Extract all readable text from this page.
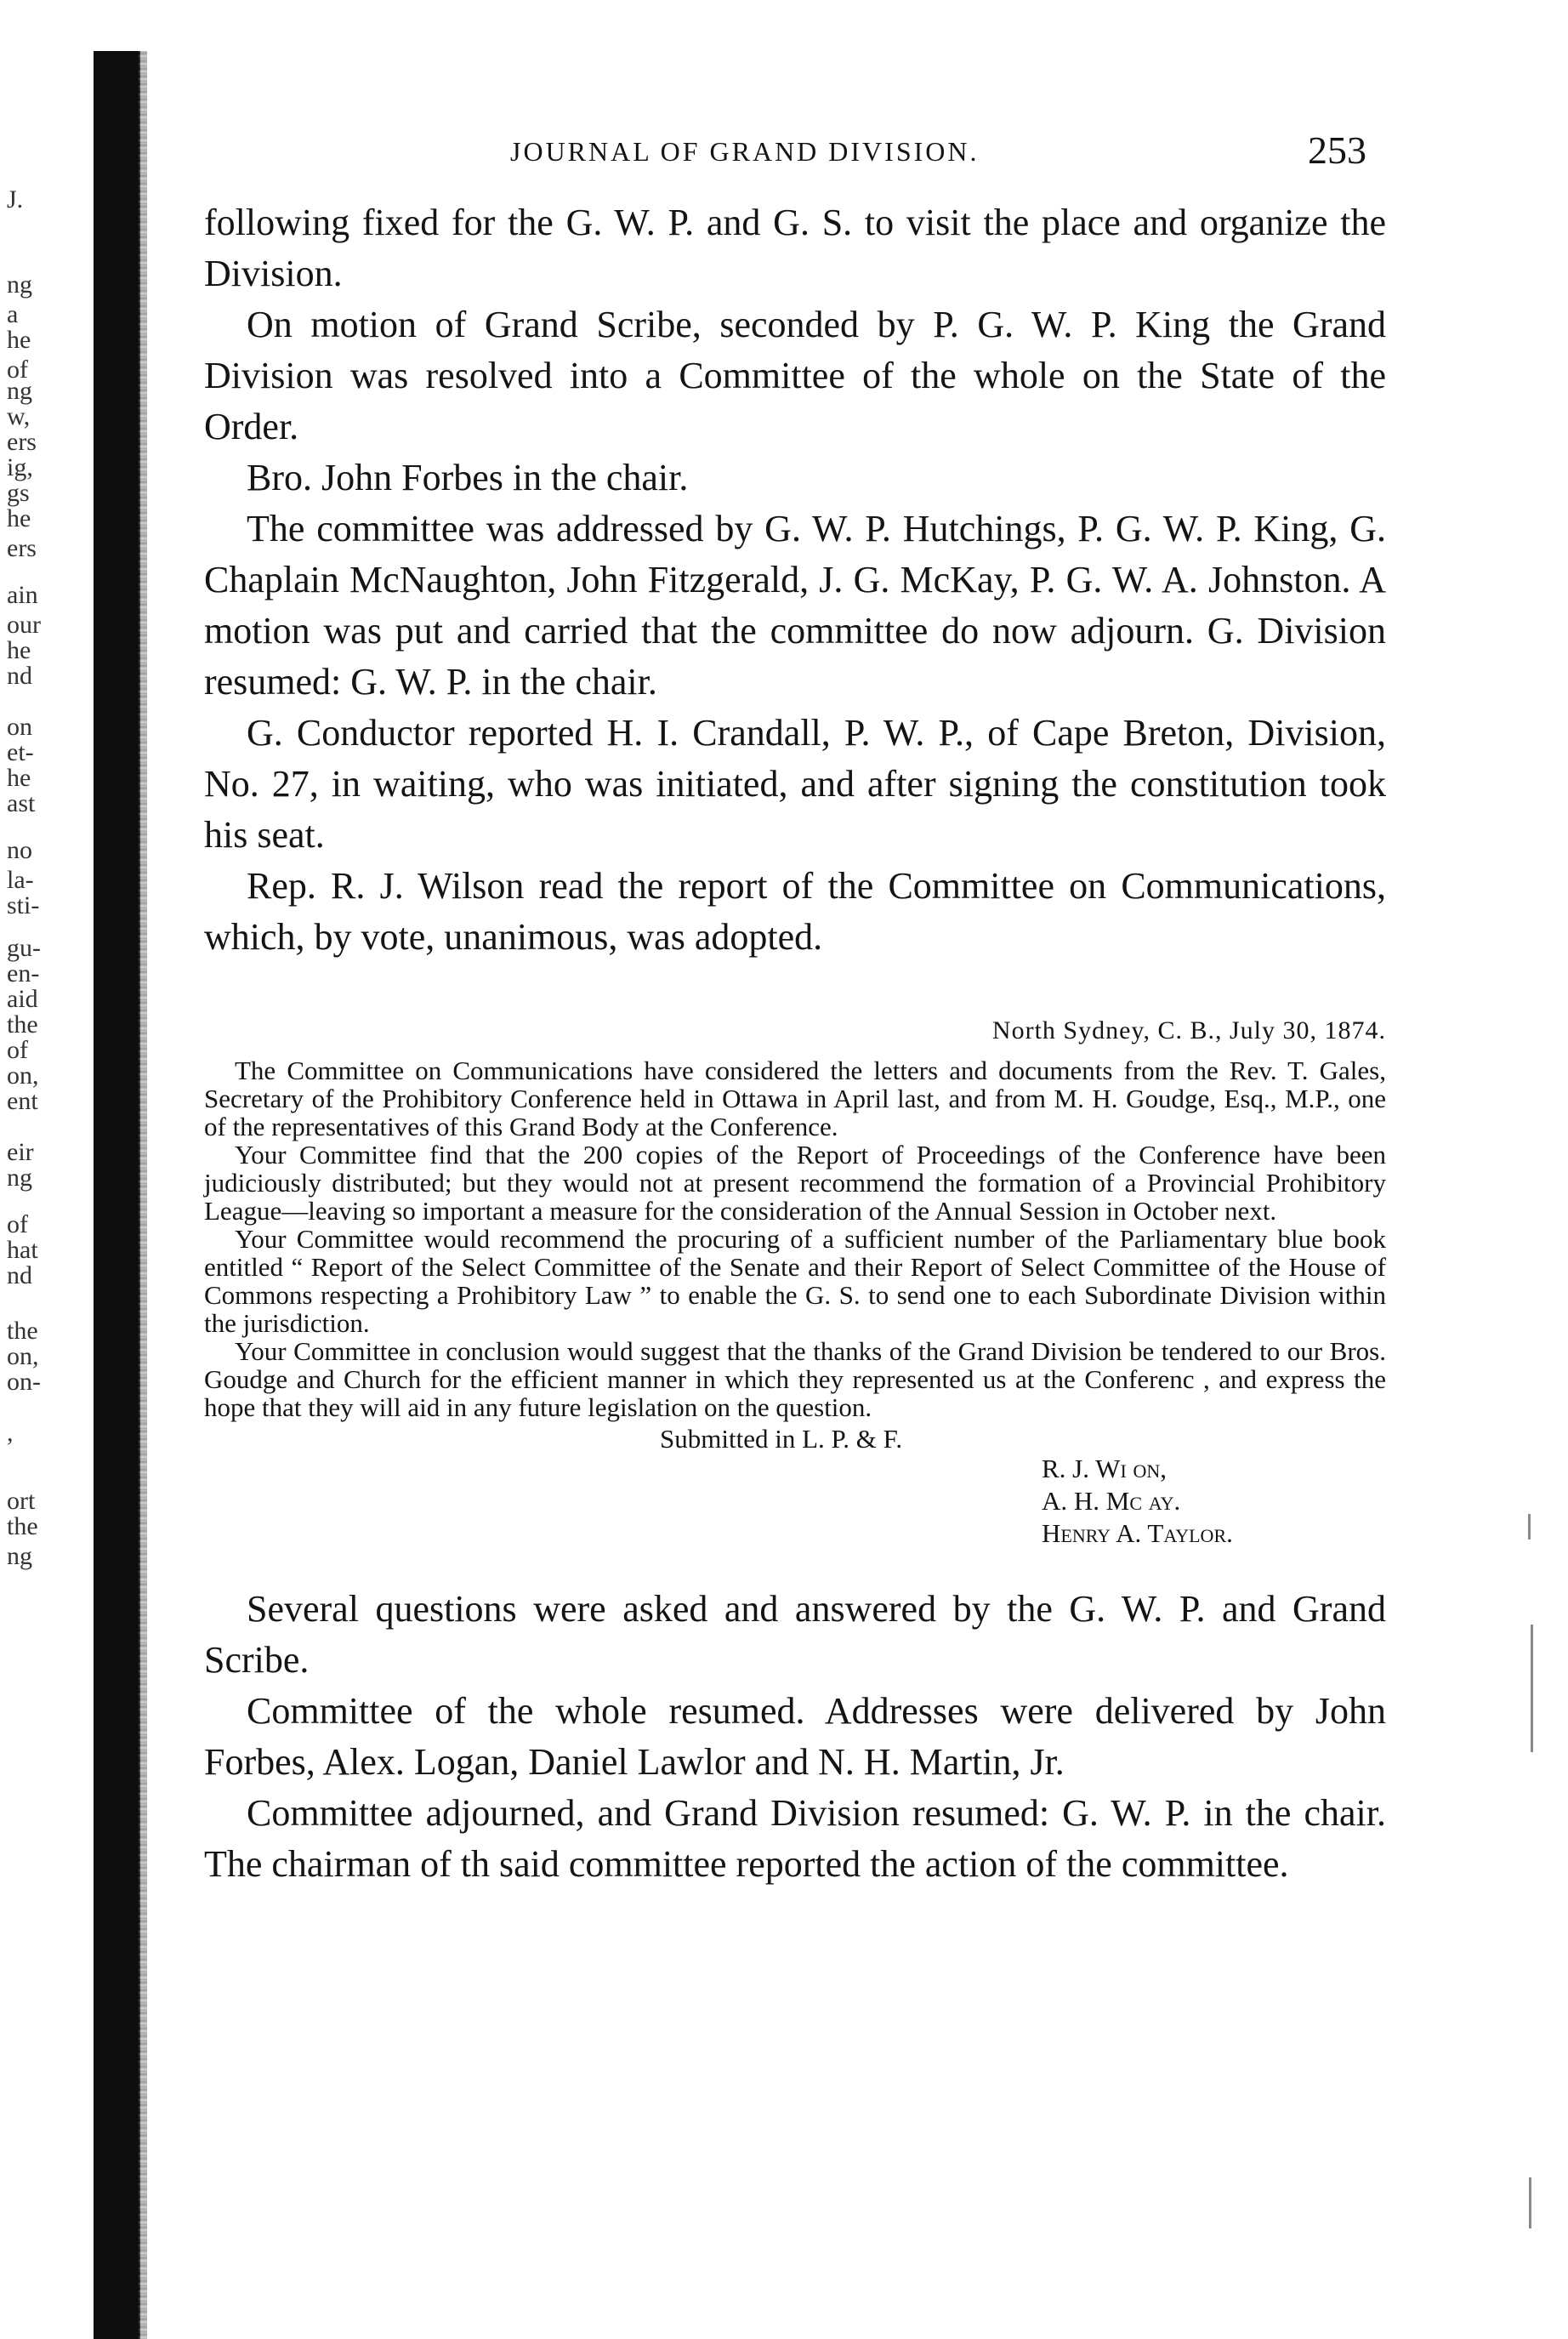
J.
ng
a
he
of
ng
w,
ers
ig,
gs
he
ers
ain
our
he
nd
on
et-
he
ast
no
la-
sti-
gu-
en-
aid
the
of
on,
ent
eir
ng
of
hat
nd
the
on,
on-
,
ort
the
ng
JOURNAL OF GRAND DIVISION.	253

following fixed for the G. W. P. and G. S. to visit the place and organize the Division.

On motion of Grand Scribe, seconded by P. G. W. P. King the Grand Division was resolved into a Committee of the whole on the State of the Order.

Bro. John Forbes in the chair.

The committee was addressed by G. W. P. Hutchings, P. G. W. P. King, G. Chaplain McNaughton, John Fitzgerald, J. G. McKay, P. G. W. A. Johnston. A motion was put and carried that the committee do now adjourn. G. Division resumed: G. W. P. in the chair.

G. Conductor reported H. I. Crandall, P. W. P., of Cape Breton, Division, No. 27, in waiting, who was initiated, and after signing the constitution took his seat.

Rep. R. J. Wilson read the report of the Committee on Communications, which, by vote, unanimous, was adopted.

North Sydney, C. B., July 30, 1874.

The Committee on Communications have considered the letters and documents from the Rev. T. Gales, Secretary of the Prohibitory Conference held in Ottawa in April last, and from M. H. Goudge, Esq., M.P., one of the representatives of this Grand Body at the Conference.

Your Committee find that the 200 copies of the Report of Proceedings of the Conference have been judiciously distributed; but they would not at present recommend the formation of a Provincial Prohibitory League—leaving so important a measure for the consideration of the Annual Session in October next.

Your Committee would recommend the procuring of a sufficient number of the Parliamentary blue book entitled “ Report of the Select Committee of the Senate and their Report of Select Committee of the House of Commons respecting a Prohibitory Law ” to enable the G. S. to send one to each Subordinate Division within the jurisdiction.

Your Committee in conclusion would suggest that the thanks of the Grand Division be tendered to our Bros. Goudge and Church for the efficient manner in which they represented us at the Conferenc , and express the hope that they will aid in any future legislation on the question.

Submitted in L. P. & F.

R. J. Wi on,
A. H. Mc ay.
Henry A. Taylor.

Several questions were asked and answered by the G. W. P. and Grand Scribe.

Committee of the whole resumed. Addresses were delivered by John Forbes, Alex. Logan, Daniel Lawlor and N. H. Martin, Jr.

Committee adjourned, and Grand Division resumed: G. W. P. in the chair. The chairman of th said committee reported the action of the committee.
